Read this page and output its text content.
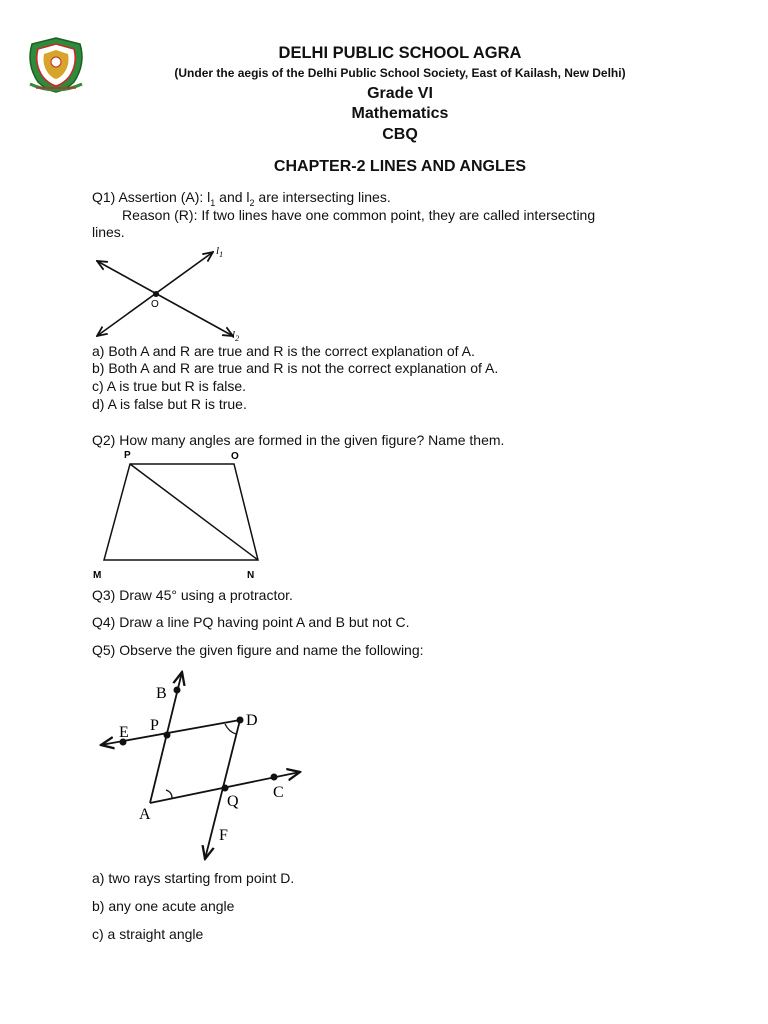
DELHI PUBLIC SCHOOL AGRA
(Under the aegis of the Delhi Public School Society, East of Kailash, New Delhi)
Grade VI
Mathematics
CBQ
CHAPTER-2 LINES AND ANGLES
Q1) Assertion (A): $l_1$ and $l_2$ are intersecting lines.
Reason (R): If two lines have one common point, they are called intersecting
lines.
O
$l_1$
$l_2$
a) Both A and R are true and R is the correct explanation of A.
b) Both A and R are true and R is not the correct explanation of A.
c) A is true but R is false.
d) A is false but R is true.
Q2) How many angles are formed in the given figure? Name them.
P	O
M	N
Q3) Draw 45° using a protractor.
Q4) Draw a line PQ having point A and B but not C.
Q5) Observe the given figure and name the following:
B
E P	D
A
Q
C
F
a) two rays starting from point D.
b) any one acute angle
c) a straight angle
